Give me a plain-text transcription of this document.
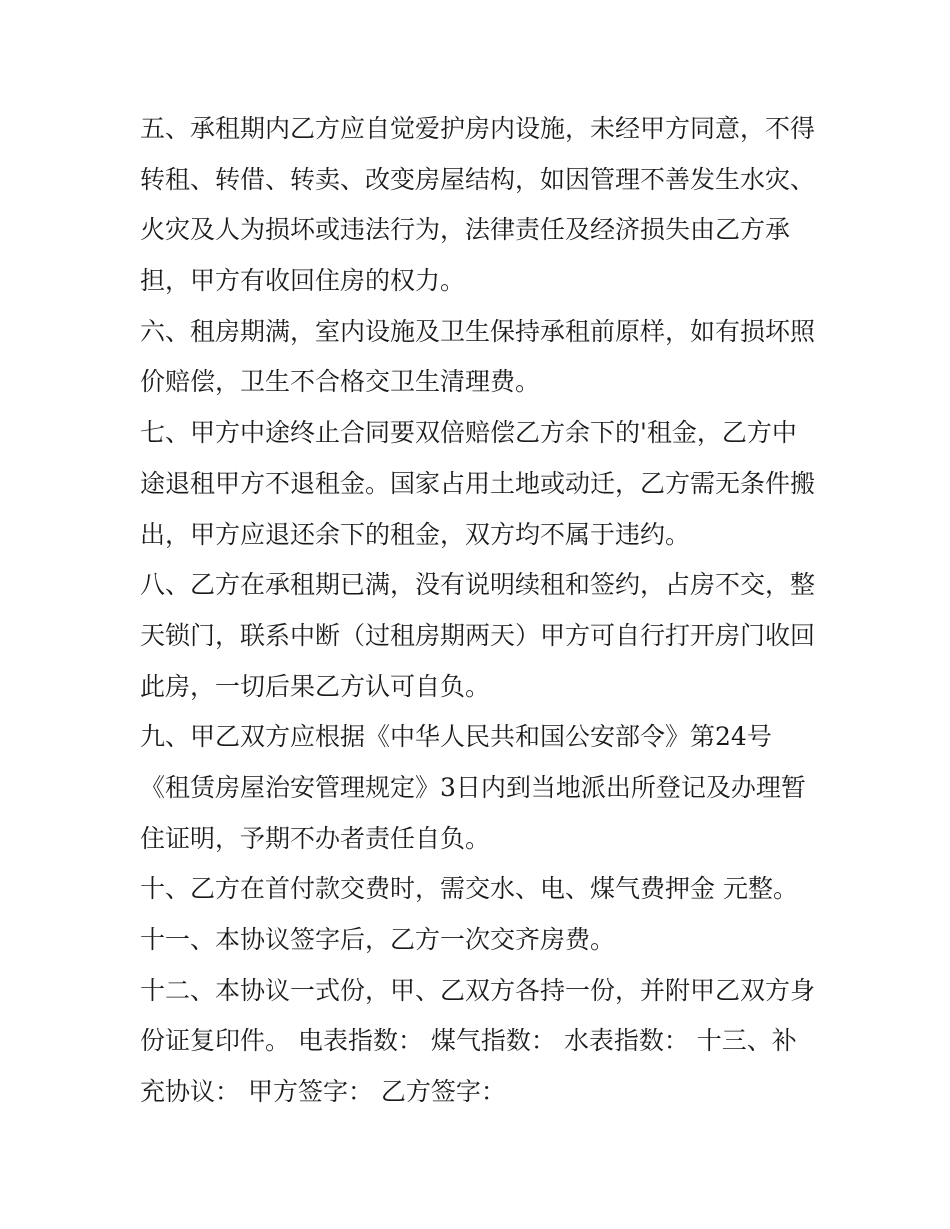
五、承租期内乙方应自觉爱护房内设施，未经甲方同意，不得
转租、转借、转卖、改变房屋结构，如因管理不善发生水灾、
火灾及人为损坏或违法行为，法律责任及经济损失由乙方承
担，甲方有收回住房的权力。
六、租房期满，室内设施及卫生保持承租前原样，如有损坏照
价赔偿，卫生不合格交卫生清理费。
七、甲方中途终止合同要双倍赔偿乙方余下的'租金，乙方中
途退租甲方不退租金。国家占用土地或动迁，乙方需无条件搬
出，甲方应退还余下的租金，双方均不属于违约。
八、乙方在承租期已满，没有说明续租和签约，占房不交，整
天锁门，联系中断（过租房期两天）甲方可自行打开房门收回
此房，一切后果乙方认可自负。
九、甲乙双方应根据《中华人民共和国公安部令》第24号
《租赁房屋治安管理规定》3日内到当地派出所登记及办理暂
住证明，予期不办者责任自负。
十、乙方在首付款交费时，需交水、电、煤气费押金 元整。
十一、本协议签字后，乙方一次交齐房费。
十二、本协议一式份，甲、乙双方各持一份，并附甲乙双方身
份证复印件。 电表指数： 煤气指数： 水表指数： 十三、补
充协议： 甲方签字： 乙方签字：
